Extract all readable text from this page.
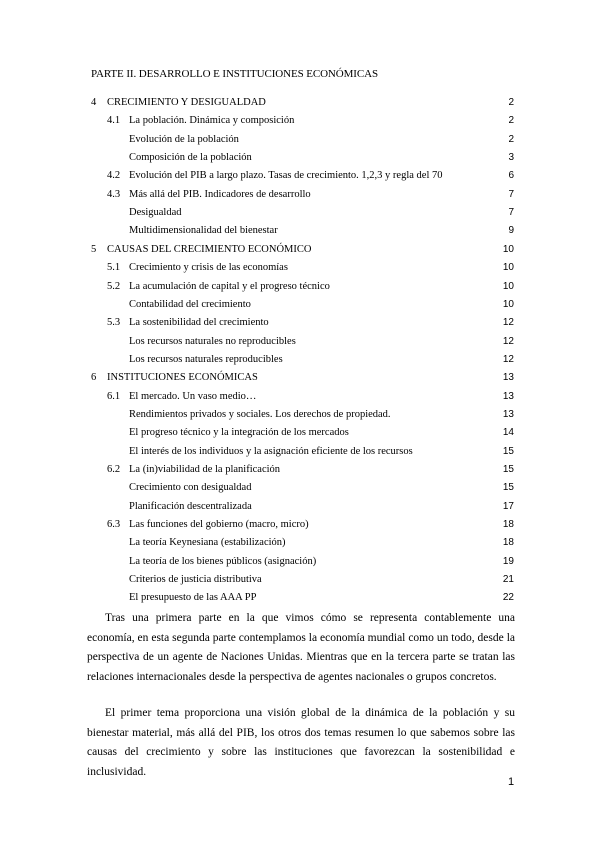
PARTE II. DESARROLLO E INSTITUCIONES ECONÓMICAS
4 CRECIMIENTO Y DESIGUALDAD	2
4.1 La población. Dinámica y composición	2
Evolución de la población	2
Composición de la población	3
4.2 Evolución del PIB a largo plazo. Tasas de crecimiento. 1,2,3 y regla del 70	6
4.3 Más allá del PIB. Indicadores de desarrollo	7
Desigualdad	7
Multidimensionalidad del bienestar	9
5 CAUSAS DEL CRECIMIENTO ECONÓMICO	10
5.1 Crecimiento y crisis de las economías	10
5.2 La acumulación de capital y el progreso técnico	10
Contabilidad del crecimiento	10
5.3 La sostenibilidad del crecimiento	12
Los recursos naturales no reproducibles	12
Los recursos naturales reproducibles	12
6 INSTITUCIONES ECONÓMICAS	13
6.1 El mercado. Un vaso medio…	13
Rendimientos privados y sociales. Los derechos de propiedad.	13
El progreso técnico y la integración de los mercados	14
El interés de los individuos y la asignación eficiente de los recursos	15
6.2 La (in)viabilidad de la planificación	15
Crecimiento con desigualdad	15
Planificación descentralizada	17
6.3 Las funciones del gobierno (macro, micro)	18
La teoría Keynesiana (estabilización)	18
La teoría de los bienes públicos (asignación)	19
Criterios de justicia distributiva	21
El presupuesto de las AAA PP	22

Tras una primera parte en la que vimos cómo se representa contablemente una economía, en esta segunda parte contemplamos la economía mundial como un todo, desde la perspectiva de un agente de Naciones Unidas. Mientras que en la tercera parte se tratan las relaciones internacionales desde la perspectiva de agentes nacionales o grupos concretos.

El primer tema proporciona una visión global de la dinámica de la población y su bienestar material, más allá del PIB, los otros dos temas resumen lo que sabemos sobre las causas del crecimiento y sobre las instituciones que favorezcan la sostenibilidad e inclusividad.

1
